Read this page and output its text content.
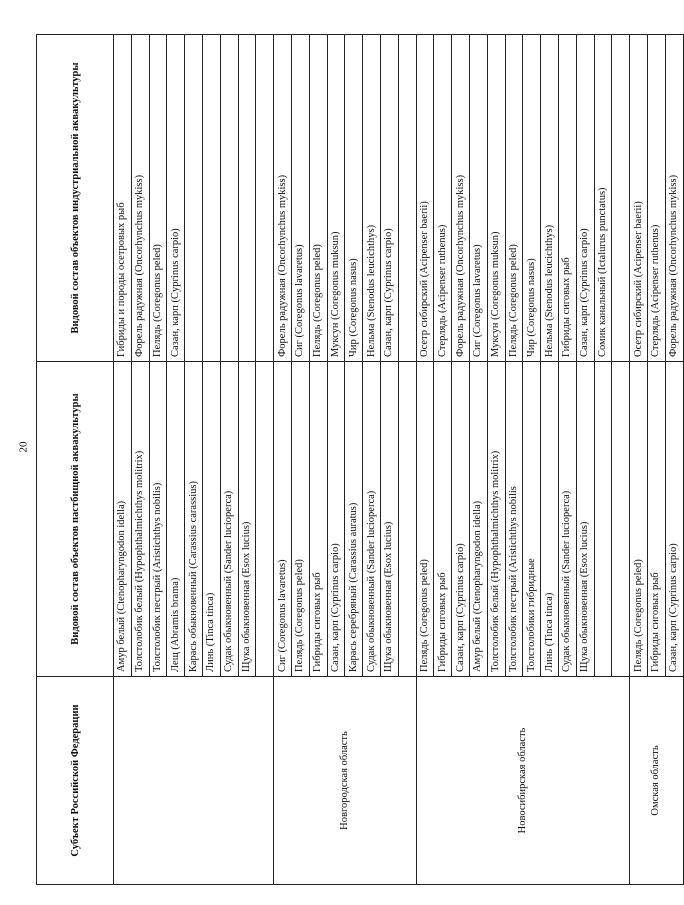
20
Субъект Российской Федерации	Видовой состав объектов пастбищной аквакультуры	Видовой состав объектов индустриальной аквакультуры
	Амур белый (Ctenopharyngodon idella)	Гибриды и породы осетровых рыб
	Толстолобик белый (Hypophthalmichthys molitrix)	Форель радужная (Oncorhynchus mykiss)
	Толстолобик пестрый (Aristichthys nobilis)	Пелядь (Coregonus peled)
	Лещ (Abramis brama)	Сазан, карп (Cyprinus carpio)
	Карась обыкновенный (Carassius carassius)	
	Линь (Tinca tinca)	
	Судак обыкновенный (Sander lucioperca)	
	Щука обыкновенная (Esox lucius)	

Новгородская область	Сиг (Coregonus lavaretus)	Форель радужная (Oncorhynchus mykiss)
	Пелядь (Coregonus peled)	Сиг (Coregonus lavaretus)
	Гибриды сиговых рыб	Пелядь (Coregonus peled)
	Сазан, карп (Cyprinus carpio)	Муксун (Coregonus muksun)
	Карась серебряный (Carassius auratus)	Чир (Coregonus nasus)
	Судак обыкновенный (Sander lucioperca)	Нельма (Stenodus leucichthys)
	Щука обыкновенная (Esox lucius)	Сазан, карп (Cyprinus carpio)

Новосибирская область	Пелядь (Coregonus peled)	Осетр сибирский (Acipenser baerii)
	Гибриды сиговых рыб	Стерлядь (Acipenser ruthenus)
	Сазан, карп (Cyprinus carpio)	Форель радужная (Oncorhynchus mykiss)
	Амур белый (Ctenopharyngodon idella)	Сиг (Coregonus lavaretus)
	Толстолобик белый (Hypophthalmichthys molitrix)	Муксун (Coregonus muksun)
	Толстолобик пестрый (Aristichthys nobilis	Пелядь (Coregonus peled)
	Толстолобики гибридные	Чир (Coregonus nasus)
	Линь (Tinca tinca)	Нельма (Stenodus leucichthys)
	Судак обыкновенный (Sander lucioperca)	Гибриды сиговых рыб
	Щука обыкновенная (Esox lucius)	Сазан, карп (Cyprinus carpio)
		Сомик канальный (Ictalurus punctatus)

Омская область	Пелядь (Coregonus peled)	Осетр сибирский (Acipenser baerii)
	Гибриды сиговых рыб	Стерлядь (Acipenser ruthenus)
	Сазан, карп (Cyprinus carpio)	Форель радужная (Oncorhynchus mykiss)
